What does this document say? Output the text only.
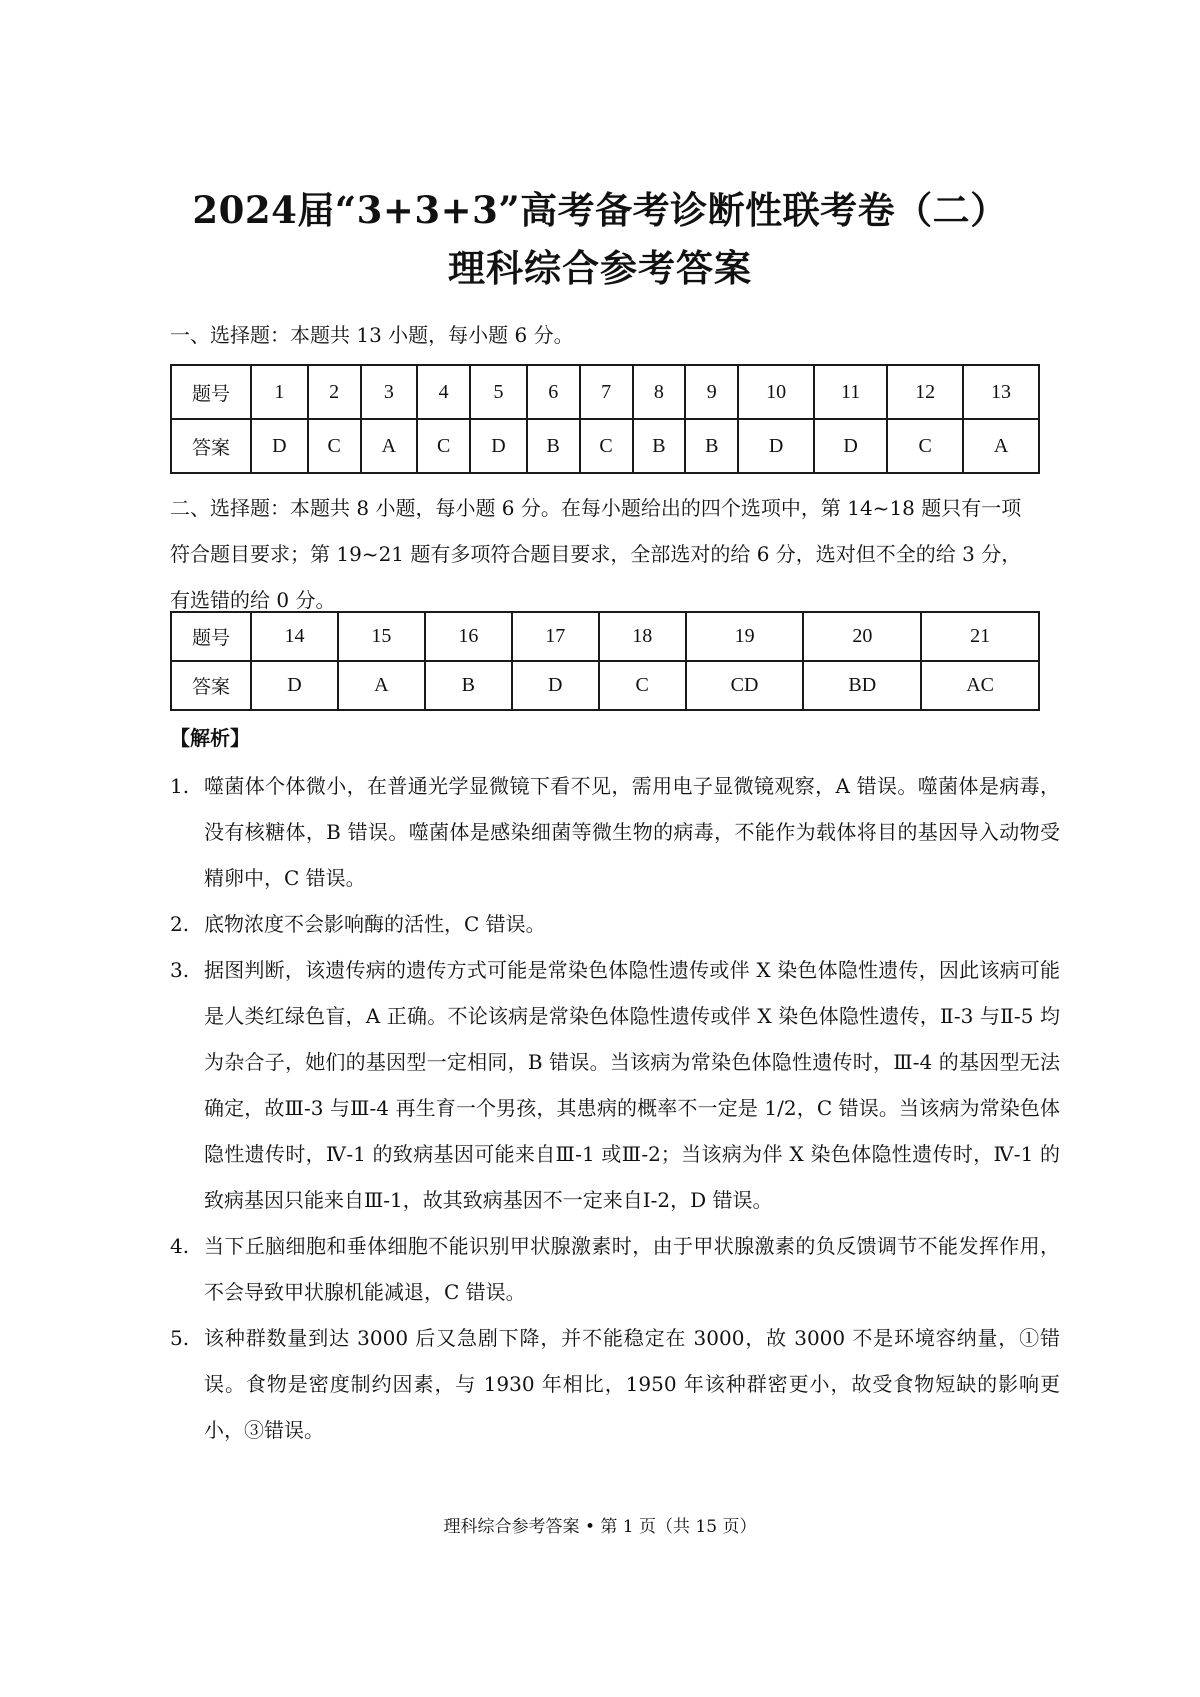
2024届“3+3+3”高考备考诊断性联考卷（二）
理科综合参考答案
一、选择题：本题共 13 小题，每小题 6 分。
题号	1	2	3	4	5	6	7	8	9	10	11	12	13
答案	D	C	A	C	D	B	C	B	B	D	D	C	A
二、选择题：本题共 8 小题，每小题 6 分。在每小题给出的四个选项中，第 14~18 题只有一项符合题目要求；第 19~21 题有多项符合题目要求，全部选对的给 6 分，选对但不全的给 3 分，有选错的给 0 分。
题号	14	15	16	17	18	19	20	21
答案	D	A	B	D	C	CD	BD	AC
【解析】
1. 噬菌体个体微小，在普通光学显微镜下看不见，需用电子显微镜观察，A 错误。噬菌体是病毒，没有核糖体，B 错误。噬菌体是感染细菌等微生物的病毒，不能作为载体将目的基因导入动物受精卵中，C 错误。
2. 底物浓度不会影响酶的活性，C 错误。
3. 据图判断，该遗传病的遗传方式可能是常染色体隐性遗传或伴 X 染色体隐性遗传，因此该病可能是人类红绿色盲，A 正确。不论该病是常染色体隐性遗传或伴 X 染色体隐性遗传，Ⅱ-3 与Ⅱ-5 均为杂合子，她们的基因型一定相同，B 错误。当该病为常染色体隐性遗传时，Ⅲ-4 的基因型无法确定，故Ⅲ-3 与Ⅲ-4 再生育一个男孩，其患病的概率不一定是 1/2，C 错误。当该病为常染色体隐性遗传时，Ⅳ-1 的致病基因可能来自Ⅲ-1 或Ⅲ-2；当该病为伴 X 染色体隐性遗传时，Ⅳ-1 的致病基因只能来自Ⅲ-1，故其致病基因不一定来自Ⅰ-2，D 错误。
4. 当下丘脑细胞和垂体细胞不能识别甲状腺激素时，由于甲状腺激素的负反馈调节不能发挥作用，不会导致甲状腺机能减退，C 错误。
5. 该种群数量到达 3000 后又急剧下降，并不能稳定在 3000，故 3000 不是环境容纳量，①错误。食物是密度制约因素，与 1930 年相比，1950 年该种群密更小，故受食物短缺的影响更小，③错误。
理科综合参考答案 • 第 1 页（共 15 页）
